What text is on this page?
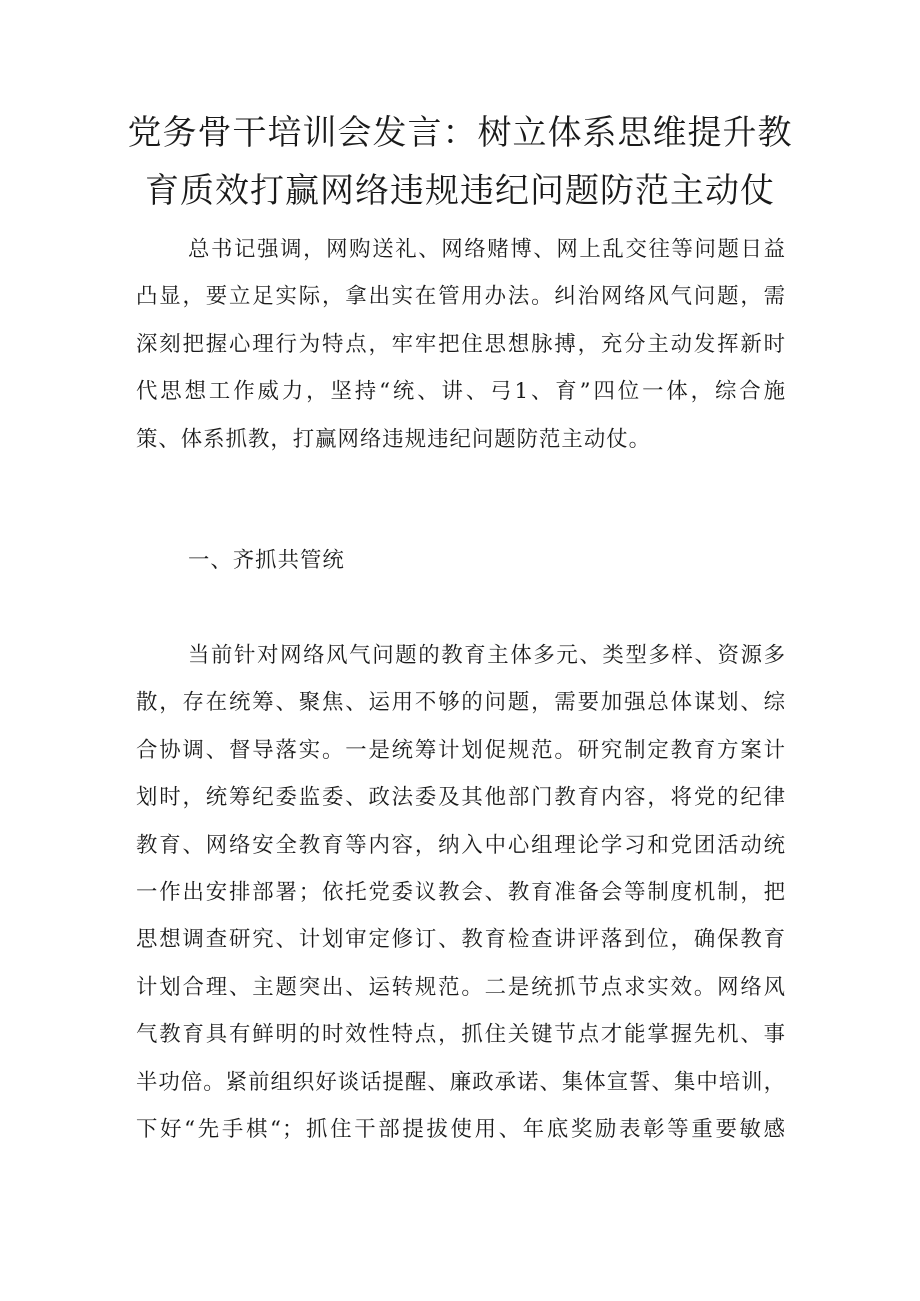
党务骨干培训会发言：树立体系思维提升教
育质效打赢网络违规违纪问题防范主动仗
总书记强调，网购送礼、网络赌博、网上乱交往等问题日益
凸显，要立足实际，拿出实在管用办法。纠治网络风气问题，需
深刻把握心理行为特点，牢牢把住思想脉搏，充分主动发挥新时
代思想工作威力，坚持“统、讲、弓1、育”四位一体，综合施
策、体系抓教，打赢网络违规违纪问题防范主动仗。
一、齐抓共管统
当前针对网络风气问题的教育主体多元、类型多样、资源多
散，存在统筹、聚焦、运用不够的问题，需要加强总体谋划、综
合协调、督导落实。一是统筹计划促规范。研究制定教育方案计
划时，统筹纪委监委、政法委及其他部门教育内容，将党的纪律
教育、网络安全教育等内容，纳入中心组理论学习和党团活动统
一作出安排部署；依托党委议教会、教育准备会等制度机制，把
思想调查研究、计划审定修订、教育检查讲评落到位，确保教育
计划合理、主题突出、运转规范。二是统抓节点求实效。网络风
气教育具有鲜明的时效性特点，抓住关键节点才能掌握先机、事
半功倍。紧前组织好谈话提醒、廉政承诺、集体宣誓、集中培训，
下好“先手棋“；抓住干部提拔使用、年底奖励表彰等重要敏感
